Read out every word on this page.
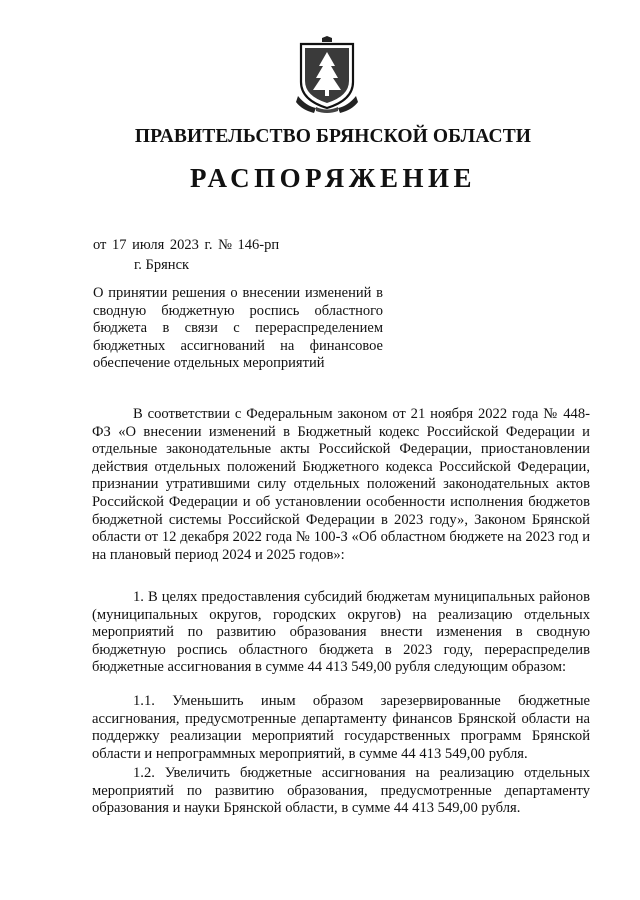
ПРАВИТЕЛЬСТВО БРЯНСКОЙ ОБЛАСТИ
РАСПОРЯЖЕНИЕ
от 17 июля 2023 г. № 146-рп
г. Брянск
О принятии решения о внесении изменений в сводную бюджетную роспись областного бюджета в связи с перераспределением бюджетных ассигнований на финансовое обеспечение отдельных мероприятий

В соответствии с Федеральным законом от 21 ноября 2022 года № 448-ФЗ «О внесении изменений в Бюджетный кодекс Российской Федерации и отдельные законодательные акты Российской Федерации, приостановлении действия отдельных положений Бюджетного кодекса Российской Федерации, признании утратившими силу отдельных положений законодательных актов Российской Федерации и об установлении особенности исполнения бюджетов бюджетной системы Российской Федерации в 2023 году», Законом Брянской области от 12 декабря 2022 года № 100-З «Об областном бюджете на 2023 год и на плановый период 2024 и 2025 годов»:

1. В целях предоставления субсидий бюджетам муниципальных районов (муниципальных округов, городских округов) на реализацию отдельных мероприятий по развитию образования внести изменения в сводную бюджетную роспись областного бюджета в 2023 году, перераспределив бюджетные ассигнования в сумме 44 413 549,00 рубля следующим образом:

1.1. Уменьшить иным образом зарезервированные бюджетные ассигнования, предусмотренные департаменту финансов Брянской области на поддержку реализации мероприятий государственных программ Брянской области и непрограммных мероприятий, в сумме 44 413 549,00 рубля.

1.2. Увеличить бюджетные ассигнования на реализацию отдельных мероприятий по развитию образования, предусмотренные департаменту образования и науки Брянской области, в сумме 44 413 549,00 рубля.
